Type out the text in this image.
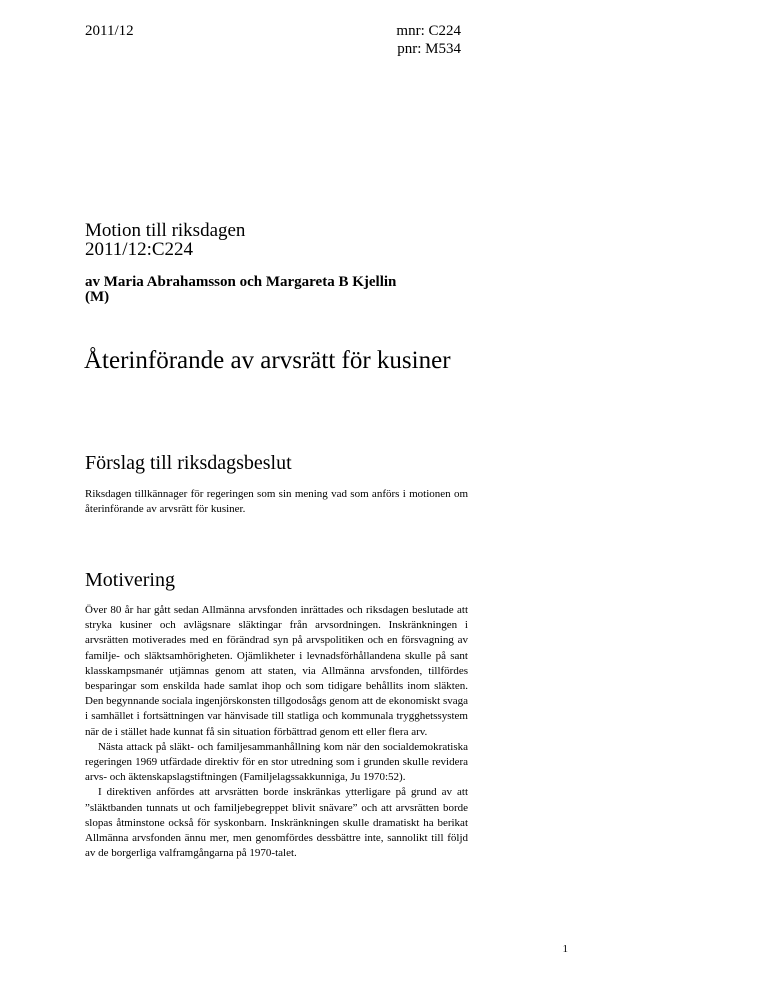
2011/12	mnr: C224
pnr: M534
Motion till riksdagen
2011/12:C224
av Maria Abrahamsson och Margareta B Kjellin
(M)
Återinförande av arvsrätt för kusiner
Förslag till riksdagsbeslut
Riksdagen tillkännager för regeringen som sin mening vad som anförs i motionen om återinförande av arvsrätt för kusiner.
Motivering

Över 80 år har gått sedan Allmänna arvsfonden inrättades och riksdagen beslutade att stryka kusiner och avlägsnare släktingar från arvsordningen. Inskränkningen i arvsrätten motiverades med en förändrad syn på arvspolitiken och en försvagning av familje- och släktsamhörigheten. Ojämlikheter i levnadsförhållandena skulle på sant klasskampsmanér utjämnas genom att staten, via Allmänna arvsfonden, tillfördes besparingar som enskilda hade samlat ihop och som tidigare behållits inom släkten. Den begynnande sociala ingenjörskonsten tillgodosågs genom att de ekonomiskt svaga i samhället i fortsättningen var hänvisade till statliga och kommunala trygghetssystem när de i stället hade kunnat få sin situation förbättrad genom ett eller flera arv.

Nästa attack på släkt- och familjesammanhållning kom när den socialdemokratiska regeringen 1969 utfärdade direktiv för en stor utredning som i grunden skulle revidera arvs- och äktenskapslagstiftningen (Familjelagssakkunniga, Ju 1970:52).

I direktiven anfördes att arvsrätten borde inskränkas ytterligare på grund av att ”släktbanden tunnats ut och familjebegreppet blivit snävare” och att arvsrätten borde slopas åtminstone också för syskonbarn. Inskränkningen skulle dramatiskt ha berikat Allmänna arvsfonden ännu mer, men genomfördes dessbättre inte, sannolikt till följd av de borgerliga valframgångarna på 1970-talet.

1
